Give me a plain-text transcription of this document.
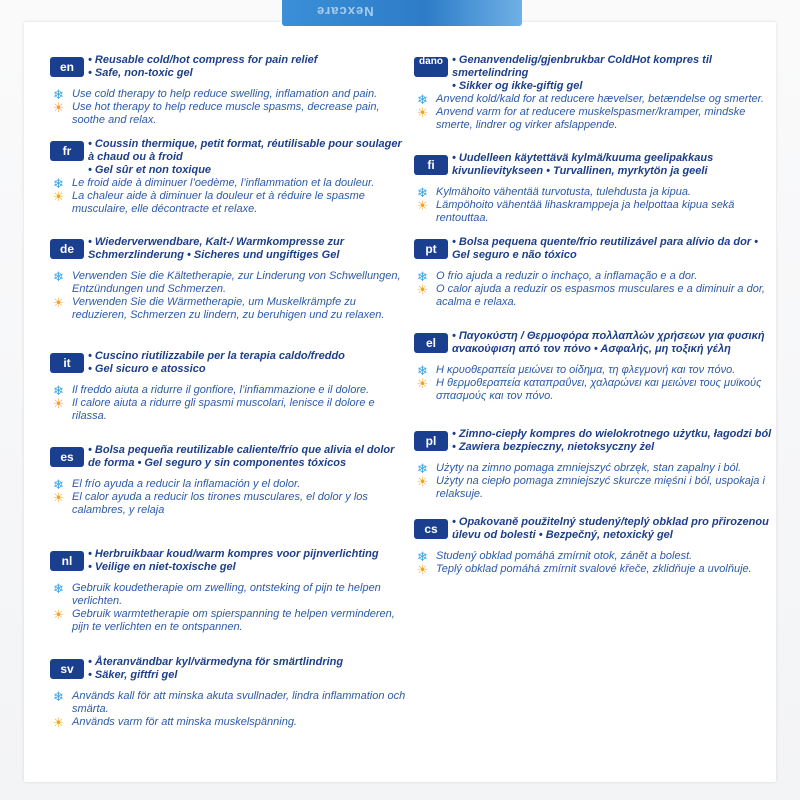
Nexcare
en	• Reusable cold/hot compress for pain relief
• Safe, non-toxic gel
❄ Use cold therapy to help reduce swelling, inflamation and pain.
☀ Use hot therapy to help reduce muscle spasms, decrease pain, soothe and relax.
fr	• Coussin thermique, petit format, réutilisable pour soulager à chaud ou à froid
• Gel sûr et non toxique
❄ Le froid aide à diminuer l’oedème, l’inflammation et la douleur.
☀ La chaleur aide à diminuer la douleur et à réduire le spasme musculaire, elle décontracte et relaxe.
de	• Wiederverwendbare, Kalt-/ Warmkompresse zur Schmerzlinderung • Sicheres und ungiftiges Gel
❄ Verwenden Sie die Kältetherapie, zur Linderung von Schwellungen, Entzündungen und Schmerzen.
☀ Verwenden Sie die Wärmetherapie, um Muskelkrämpfe zu reduzieren, Schmerzen zu lindern, zu beruhigen und zu relaxen.
it	• Cuscino riutilizzabile per la terapia caldo/freddo
• Gel sicuro e atossico
❄ Il freddo aiuta a ridurre il gonfiore, l’infiammazione e il dolore.
☀ Il calore aiuta a ridurre gli spasmi muscolari, lenisce il dolore e rilassa.
es	• Bolsa pequeña reutilizable caliente/frío que alivia el dolor de forma • Gel seguro y sin componentes tóxicos
❄ El frío ayuda a reducir la inflamación y el dolor.
☀ El calor ayuda a reducir los tirones musculares, el dolor y los calambres, y relaja
nl	• Herbruikbaar koud/warm kompres voor pijnverlichting
• Veilige en niet-toxische gel
❄ Gebruik koudetherapie om zwelling, ontsteking of pijn te helpen verlichten.
☀ Gebruik warmtetherapie om spierspanning te helpen verminderen, pijn te verlichten en te ontspannen.
sv	• Återanvändbar kyl/värmedyna för smärtlindring
• Säker, giftfri gel
❄ Används kall för att minska akuta svullnader, lindra inflammation och smärta.
☀ Används varm för att minska muskelspänning.
dano • Genanvendelig/gjenbrukbar ColdHot kompres til smertelindring
• Sikker og ikke-giftig gel
❄ Anvend kold/kald for at reducere hævelser, betændelse og smerter.
☀ Anvend varm for at reducere muskelspasmer/kramper, mindske smerte, lindrer og virker afslappende.
fi	• Uudelleen käytettävä kylmä/kuuma geelipakkaus kivunlievitykseen • Turvallinen, myrkytön ja geeli
❄ Kylmähoito vähentää turvotusta, tulehdusta ja kipua.
☀ Lämpöhoito vähentää lihaskramppeja ja helpottaa kipua sekä rentouttaa.
pt	• Bolsa pequena quente/frio reutilizável para alívio da dor • Gel seguro e não tóxico
❄ O frio ajuda a reduzir o inchaço, a inflamação e a dor.
☀ O calor ajuda a reduzir os espasmos musculares e a diminuir a dor, acalma e relaxa.
el	• Παγοκύστη / Θερμοφόρα πολλαπλών χρήσεων για φυσική ανακούφιση από τον πόνο • Ασφαλής, μη τοξική γέλη
❄ Η κρυοθεραπεία μειώνει το οίδημα, τη φλεγμονή και τον πόνο.
☀ Η θερμοθεραπεία καταπραΰνει, χαλαρώνει και μειώνει τους μυϊκούς σπασμούς και τον πόνο.
pl	• Zimno-ciepły kompres do wielokrotnego użytku, łagodzi ból
• Zawiera bezpieczny, nietoksyczny żel
❄ Użyty na zimno pomaga zmniejszyć obrzęk, stan zapalny i ból.
☀ Użyty na ciepło pomaga zmniejszyć skurcze mięśni i ból, uspokaja i relaksuje.
cs	• Opakovaně použitelný studený/teplý obklad pro přirozenou úlevu od bolesti • Bezpečný, netoxický gel
❄ Studený obklad pomáhá zmírnit otok, zánět a bolest.
☀ Teplý obklad pomáhá zmírnit svalové křeče, zklidňuje a uvolňuje.
